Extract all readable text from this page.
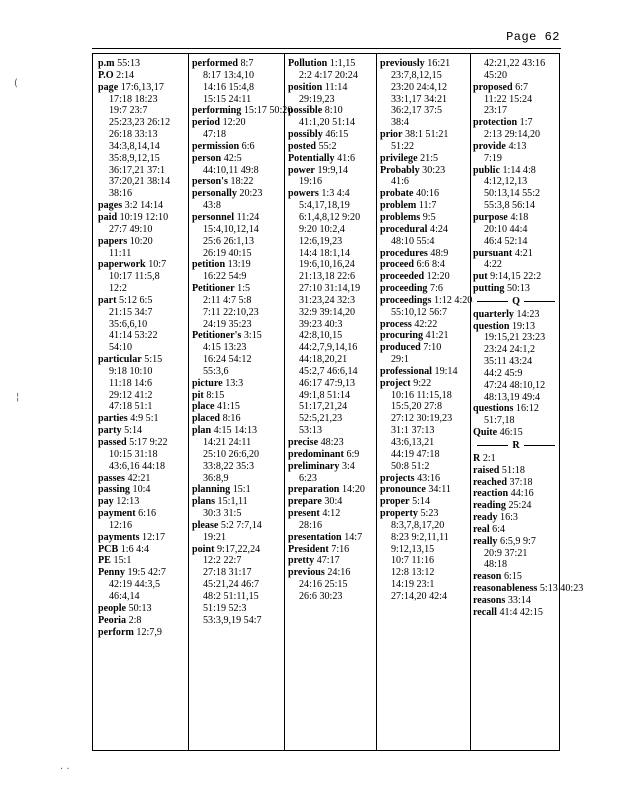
Page 62
(
¦
· ·
p.m 55:13
P.O 2:14
page 17:6,13,17
17:18 18:23
19:7 23:7
25:23,23 26:12
26:18 33:13
34:3,8,14,14
35:8,9,12,15
36:17,21 37:1
37:20,21 38:14
38:16
pages 3:2 14:14
paid 10:19 12:10
27:7 49:10
papers 10:20
11:11
paperwork 10:7
10:17 11:5,8
12:2
part 5:12 6:5
21:15 34:7
35:6,6,10
41:14 53:22
54:10
particular 5:15
9:18 10:10
11:18 14:6
29:12 41:2
47:18 51:1
parties 4:9 5:1
party 5:14
passed 5:17 9:22
10:15 31:18
43:6,16 44:18
passes 42:21
passing 10:4
pay 12:13
payment 6:16
12:16
payments 12:17
PCB 1:6 4:4
PE 15:1
Penny 19:5 42:7
42:19 44:3,5
46:4,14
people 50:13
Peoria 2:8
perform 12:7,9
performed 8:7
8:17 13:4,10
14:16 15:4,8
15:15 24:11
performing 15:17 50:20
period 12:20
47:18
permission 6:6
person 42:5
44:10,11 49:8
person's 18:22
personally 20:23
43:8
personnel 11:24
15:4,10,12,14
25:6 26:1,13
26:19 40:15
petition 13:19
16:22 54:9
Petitioner 1:5
2:11 4:7 5:8
7:11 22:10,23
24:19 35:23
Petitioner's 3:15
4:15 13:23
16:24 54:12
55:3,6
picture 13:3
pit 8:15
place 41:15
placed 8:16
plan 4:15 14:13
14:21 24:11
25:10 26:6,20
33:8,22 35:3
36:8,9
planning 15:1
plans 15:1,11
30:3 31:5
please 5:2 7:7,14
19:21
point 9:17,22,24
12:2 22:7
27:18 31:17
45:21,24 46:7
48:2 51:11,15
51:19 52:3
53:3,9,19 54:7
Pollution 1:1,15
2:2 4:17 20:24
position 11:14
29:19,23
possible 8:10
41:1,20 51:14
possibly 46:15
posted 55:2
Potentially 41:6
power 19:9,14
19:16
powers 1:3 4:4
5:4,17,18,19
6:1,4,8,12 9:20
9:20 10:2,4
12:6,19,23
14:4 18:1,14
19:6,10,16,24
21:13,18 22:6
27:10 31:14,19
31:23,24 32:3
32:9 39:14,20
39:23 40:3
42:8,10,15
44:2,7,9,14,16
44:18,20,21
45:2,7 46:6,14
46:17 47:9,13
49:1,8 51:14
51:17,21,24
52:5,21,23
53:13
precise 48:23
predominant 6:9
preliminary 3:4
6:23
preparation 14:20
prepare 30:4
present 4:12
28:16
presentation 14:7
President 7:16
pretty 47:17
previous 24:16
24:16 25:15
26:6 30:23
previously 16:21
23:7,8,12,15
23:20 24:4,12
33:1,17 34:21
36:2,17 37:5
38:4
prior 38:1 51:21
51:22
privilege 21:5
Probably 30:23
41:6
probate 40:16
problem 11:7
problems 9:5
procedural 4:24
48:10 55:4
procedures 48:9
proceed 6:6 8:4
proceeded 12:20
proceeding 7:6
proceedings 1:12 4:20
55:10,12 56:7
process 42:22
procuring 41:21
produced 7:10
29:1
professional 19:14
project 9:22
10:16 11:15,18
15:5,20 27:8
27:12 30:19,23
31:1 37:13
43:6,13,21
44:19 47:18
50:8 51:2
projects 43:16
pronounce 34:11
proper 5:14
property 5:23
8:3,7,8,17,20
8:23 9:2,11,11
9:12,13,15
10:7 11:16
12:8 13:12
14:19 23:1
27:14,20 42:4
42:21,22 43:16
45:20
proposed 6:7
11:22 15:24
23:17
protection 1:7
2:13 29:14,20
provide 4:13
7:19
public 1:14 4:8
4:12,12,13
50:13,14 55:2
55:3,8 56:14
purpose 4:18
20:10 44:4
46:4 52:14
pursuant 4:21
4:22
put 9:14,15 22:2
putting 50:13
Q
quarterly 14:23
question 19:13
19:15,21 23:23
23:24 24:1,2
35:11 43:24
44:2 45:9
47:24 48:10,12
48:13,19 49:4
questions 16:12
51:7,18
Quite 46:15
R
R 2:1
raised 51:18
reached 37:18
reaction 44:16
reading 25:24
ready 16:3
real 6:4
really 6:5,9 9:7
20:9 37:21
48:18
reason 6:15
reasonableness 5:13 40:23
reasons 33:14
recall 41:4 42:15
